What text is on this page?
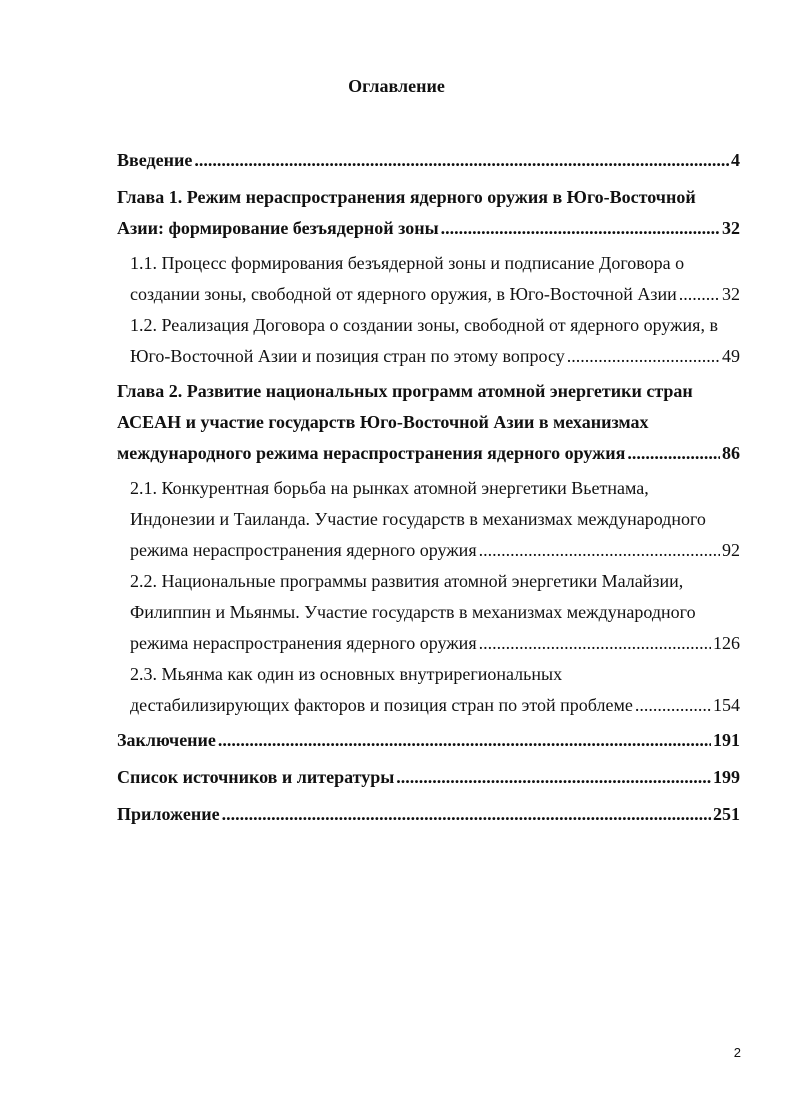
Оглавление
Введение .....	4
Глава 1. Режим нераспространения ядерного оружия в Юго-Восточной
Азии: формирование безъядерной зоны .....	32
1.1. Процесс формирования безъядерной зоны и подписание Договора о
создании зоны, свободной от ядерного оружия, в Юго-Восточной Азии .....	32
1.2. Реализация Договора о создании зоны, свободной от ядерного оружия, в
Юго-Восточной Азии и позиция стран по этому вопросу .....	49
Глава 2. Развитие национальных программ атомной энергетики стран
АСЕАН и участие государств Юго-Восточной Азии в механизмах
международного режима нераспространения ядерного оружия .....	86
2.1. Конкурентная борьба на рынках атомной энергетики Вьетнама,
Индонезии и Таиланда. Участие государств в механизмах международного
режима нераспространения ядерного оружия .....	92
2.2. Национальные программы развития атомной энергетики Малайзии,
Филиппин и Мьянмы. Участие государств в механизмах международного
режима нераспространения ядерного оружия .....	126
2.3. Мьянма как один из основных внутрирегиональных
дестабилизирующих факторов и позиция стран по этой проблеме .....	154
Заключение .....	191
Список источников и литературы .....	199
Приложение .....	251
2
